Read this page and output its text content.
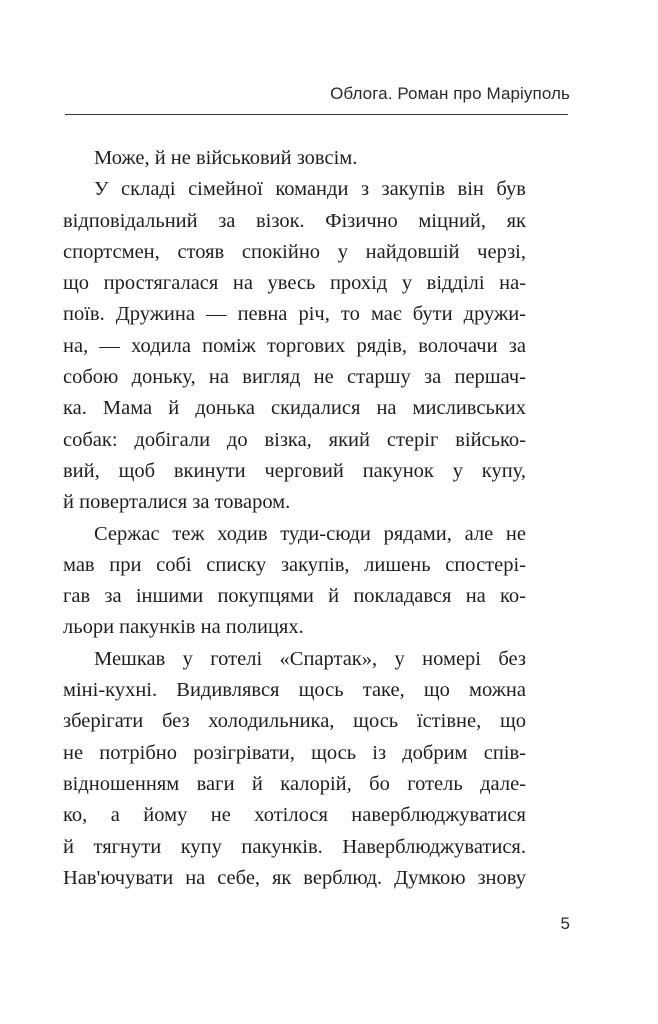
Облога. Роман про Маріуполь
Може, й не військовий зовсім.
У складі сімейної команди з закупів він був
відповідальний за візок. Фізично міцний, як
спортсмен, стояв спокійно у найдовшій черзі,
що простягалася на увесь прохід у відділі на-
поїв. Дружина — певна річ, то має бути дружи-
на, — ходила поміж торгових рядів, волочачи за
собою доньку, на вигляд не старшу за першач-
ка. Мама й донька скидалися на мисливських
собак: добігали до візка, який стеріг військо-
вий, щоб вкинути черговий пакунок у купу,
й поверталися за товаром.
Сержас теж ходив туди-сюди рядами, але не
мав при собі списку закупів, лишень спостері-
гав за іншими покупцями й покладався на ко-
льори пакунків на полицях.
Мешкав у готелі «Спартак», у номері без
міні-кухні. Видивлявся щось таке, що можна
зберігати без холодильника, щось їстівне, що
не потрібно розігрівати, щось із добрим спів-
відношенням ваги й калорій, бо готель дале-
ко, а йому не хотілося наверблюджуватися
й тягнути купу пакунків. Наверблюджуватися.
Нав'ючувати на себе, як верблюд. Думкою знову
5
